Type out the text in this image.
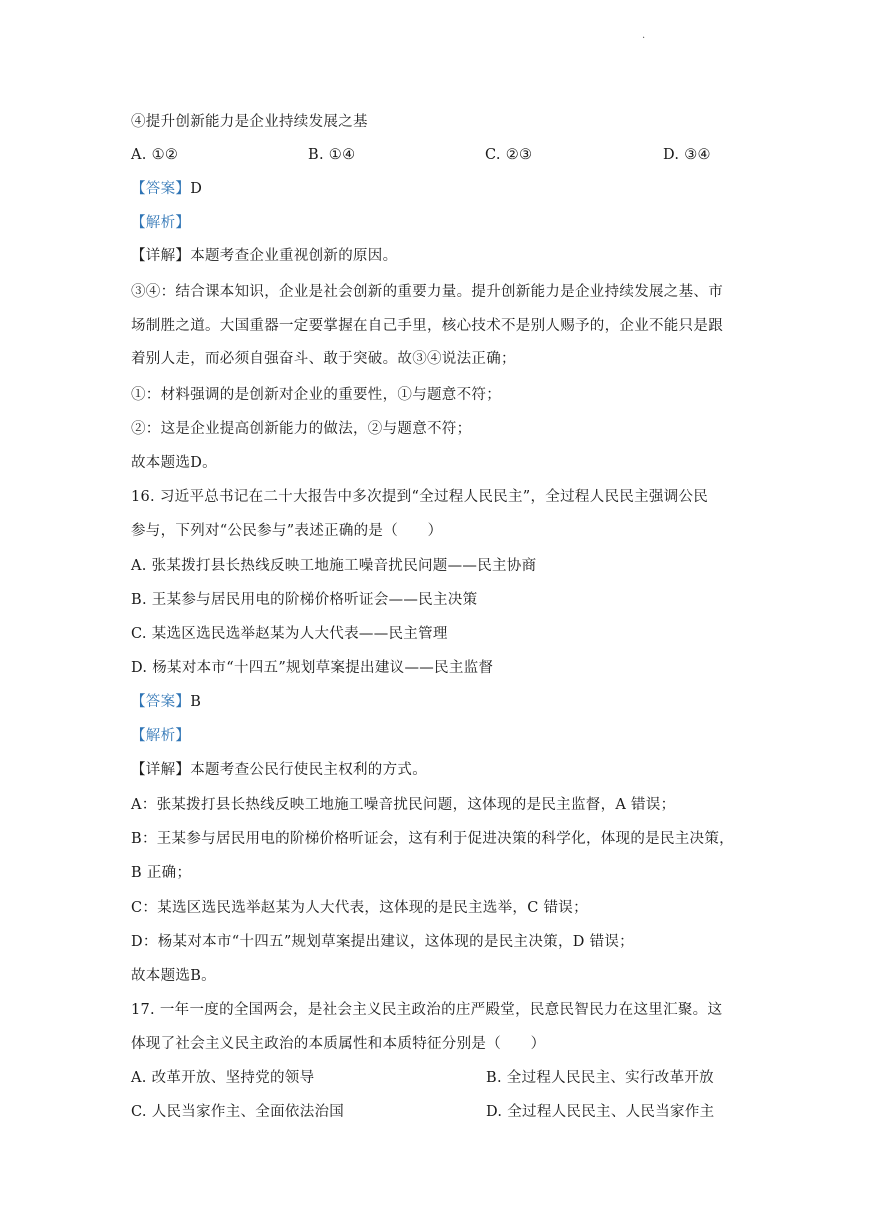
.
④提升创新能力是企业持续发展之基
A. ①②	B. ①④	C. ②③	D. ③④
【答案】D
【解析】
【详解】本题考查企业重视创新的原因。
③④：结合课本知识，企业是社会创新的重要力量。提升创新能力是企业持续发展之基、市
场制胜之道。大国重器一定要掌握在自己手里，核心技术不是别人赐予的，企业不能只是跟
着别人走，而必须自强奋斗、敢于突破。故③④说法正确；
①：材料强调的是创新对企业的重要性，①与题意不符；
②：这是企业提高创新能力的做法，②与题意不符；
故本题选D。
16. 习近平总书记在二十大报告中多次提到“全过程人民民主”，全过程人民民主强调公民
参与，下列对“公民参与”表述正确的是（　　）
A. 张某拨打县长热线反映工地施工噪音扰民问题——民主协商
B. 王某参与居民用电的阶梯价格听证会——民主决策
C. 某选区选民选举赵某为人大代表——民主管理
D. 杨某对本市“十四五”规划草案提出建议——民主监督
【答案】B
【解析】
【详解】本题考查公民行使民主权利的方式。
A：张某拨打县长热线反映工地施工噪音扰民问题，这体现的是民主监督，A 错误；
B：王某参与居民用电的阶梯价格听证会，这有利于促进决策的科学化，体现的是民主决策，
B 正确；
C：某选区选民选举赵某为人大代表，这体现的是民主选举，C 错误；
D：杨某对本市“十四五”规划草案提出建议，这体现的是民主决策，D 错误；
故本题选B。
17. 一年一度的全国两会，是社会主义民主政治的庄严殿堂，民意民智民力在这里汇聚。这
体现了社会主义民主政治的本质属性和本质特征分别是（　　）
A. 改革开放、坚持党的领导	B. 全过程人民民主、实行改革开放
C. 人民当家作主、全面依法治国	D. 全过程人民民主、人民当家作主
